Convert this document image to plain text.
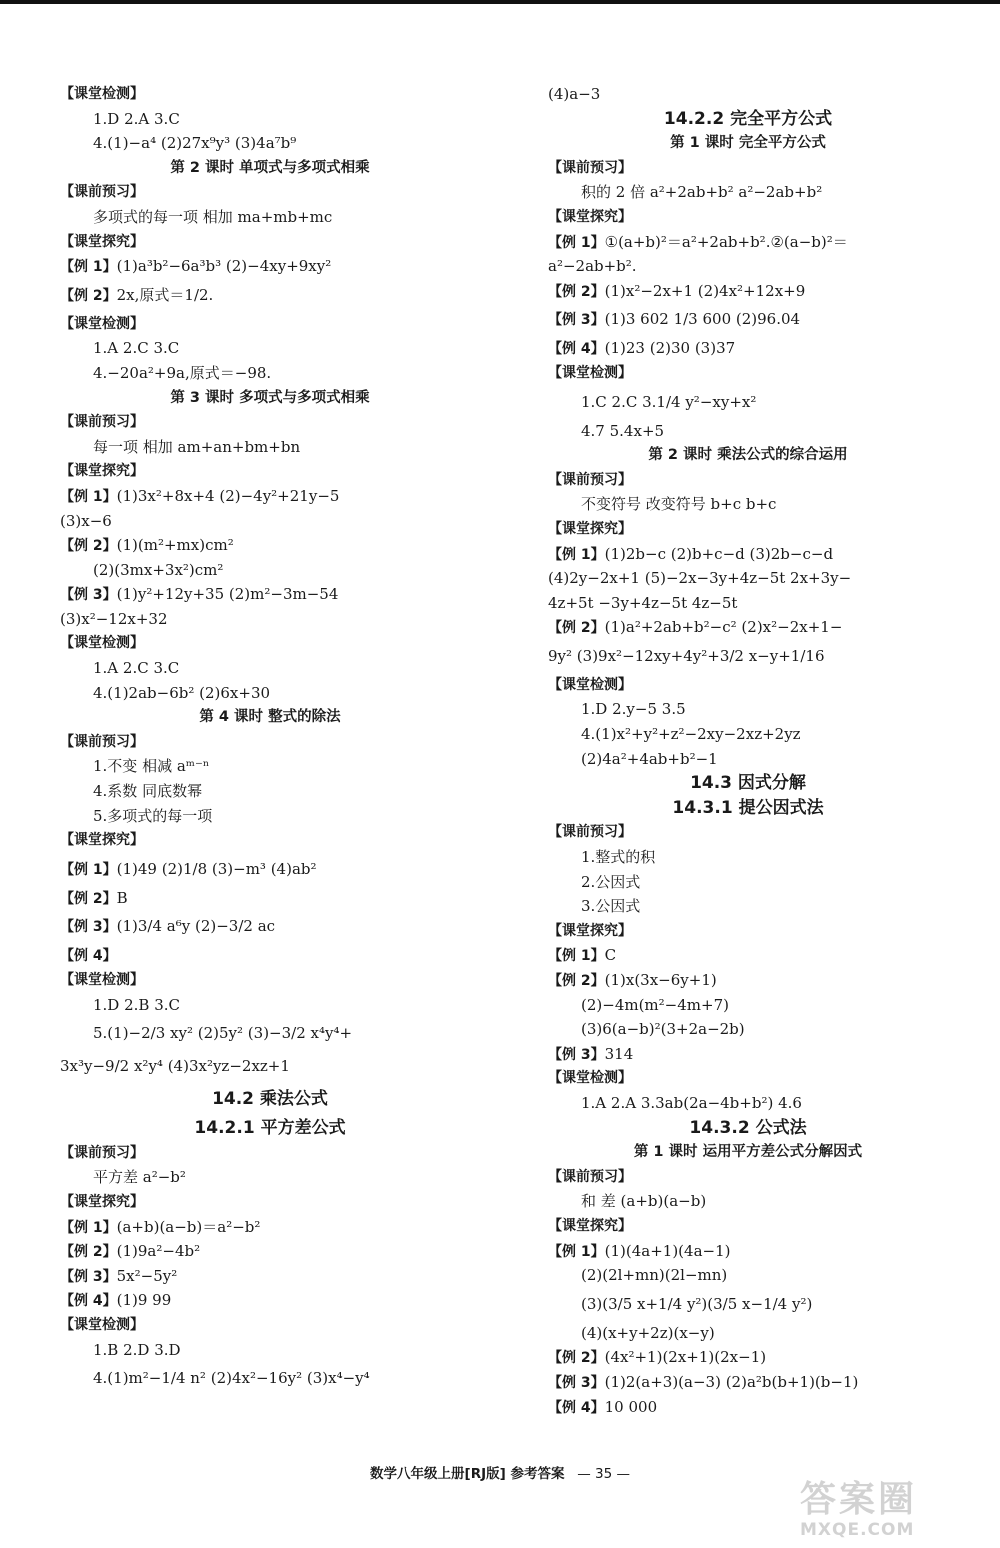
【课堂检测】
1.D 2.A 3.C
4.(1)−a⁴ (2)27x⁹y³ (3)4a⁷b⁹
第 2 课时 单项式与多项式相乘
【课前预习】
多项式的每一项 相加 ma+mb+mc
【课堂探究】
【例 1】(1)a³b²−6a³b³ (2)−4xy+9xy²
【例 2】2x,原式＝1/2.
【课堂检测】
1.A 2.C 3.C
4.−20a²+9a,原式＝−98.
第 3 课时 多项式与多项式相乘
【课前预习】
每一项 相加 am+an+bm+bn
【课堂探究】
【例 1】(1)3x²+8x+4 (2)−4y²+21y−5
(3)x−6
【例 2】(1)(m²+mx)cm²
(2)(3mx+3x²)cm²
【例 3】(1)y²+12y+35 (2)m²−3m−54
(3)x²−12x+32
【课堂检测】
1.A 2.C 3.C
4.(1)2ab−6b² (2)6x+30
第 4 课时 整式的除法
【课前预习】
1.不变 相减 aᵐ⁻ⁿ
4.系数 同底数幂
5.多项式的每一项
【课堂探究】
【例 1】(1)49 (2)1/8 (3)−m³ (4)ab²
【例 2】B
【例 3】(1)3/4 a⁶y (2)−3/2 ac
【例 4】
【课堂检测】
1.D 2.B 3.C
5.(1)−2/3 xy² (2)5y² (3)−3/2 x⁴y⁴+
3x³y−9/2 x²y⁴ (4)3x²yz−2xz+1
14.2 乘法公式
14.2.1 平方差公式
【课前预习】
平方差 a²−b²
【课堂探究】
【例 1】(a+b)(a−b)＝a²−b²
【例 2】(1)9a²−4b²
【例 3】5x²−5y²
【例 4】(1)9 99
【课堂检测】
1.B 2.D 3.D
4.(1)m²−1/4 n² (2)4x²−16y² (3)x⁴−y⁴
(4)a−3
14.2.2 完全平方公式
第 1 课时 完全平方公式
【课前预习】
积的 2 倍 a²+2ab+b² a²−2ab+b²
【课堂探究】
【例 1】①(a+b)²＝a²+2ab+b².②(a−b)²＝
a²−2ab+b².
【例 2】(1)x²−2x+1 (2)4x²+12x+9
【例 3】(1)3 602 1/3 600 (2)96.04
【例 4】(1)23 (2)30 (3)37
【课堂检测】
1.C 2.C 3.1/4 y²−xy+x²
4.7 5.4x+5
第 2 课时 乘法公式的综合运用
【课前预习】
不变符号 改变符号 b+c b+c
【课堂探究】
【例 1】(1)2b−c (2)b+c−d (3)2b−c−d
(4)2y−2x+1 (5)−2x−3y+4z−5t 2x+3y−
4z+5t −3y+4z−5t 4z−5t
【例 2】(1)a²+2ab+b²−c² (2)x²−2x+1−
9y² (3)9x²−12xy+4y²+3/2 x−y+1/16
【课堂检测】
1.D 2.y−5 3.5
4.(1)x²+y²+z²−2xy−2xz+2yz
(2)4a²+4ab+b²−1
14.3 因式分解
14.3.1 提公因式法
【课前预习】
1.整式的积
2.公因式
3.公因式
【课堂探究】
【例 1】C
【例 2】(1)x(3x−6y+1)
(2)−4m(m²−4m+7)
(3)6(a−b)²(3+2a−2b)
【例 3】314
【课堂检测】
1.A 2.A 3.3ab(2a−4b+b²) 4.6
14.3.2 公式法
第 1 课时 运用平方差公式分解因式
【课前预习】
和 差 (a+b)(a−b)
【课堂探究】
【例 1】(1)(4a+1)(4a−1)
(2)(2l+mn)(2l−mn)
(3)(3/5 x+1/4 y²)(3/5 x−1/4 y²)
(4)(x+y+2z)(x−y)
【例 2】(4x²+1)(2x+1)(2x−1)
【例 3】(1)2(a+3)(a−3) (2)a²b(b+1)(b−1)
【例 4】10 000
数学八年级上册[RJ版] 参考答案 — 35 —
答案圈
MXQE.COM
